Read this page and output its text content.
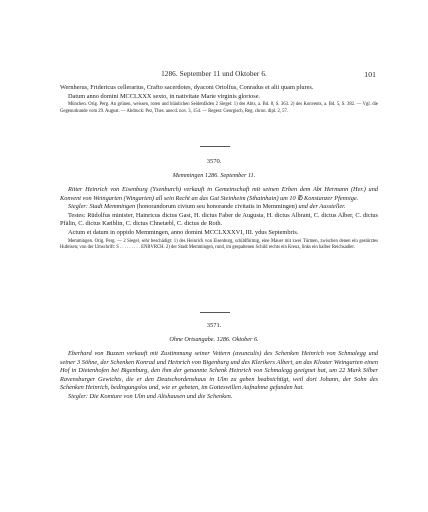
1286. September 11 und Oktober 6.	101

Wernherus, Fridericus cellerarius, Crafto sacerdotes, dyaconi Ortolfus, Conradus et alii quam plures.

Datum anno domini MCCLXXX sexto, in nativitate Marie virginis gloriose.

München. Orig. Perg. An grünen, weissen, roten und bläulichen Seidenfäden 2 Siegel: 1) des Abts, a. Bd. 8, S. 363. 2) des Konvents, a. Bd. 5, S. 382. — Vgl. die Gegenurkunde vom 29. August. — Abdruck: Pez, Thes. anecd. nov. 3, 154. — Regest: Georgisch, Reg. chron. dipl. 2, 57.

3570.
Memmingen 1286. September 11.

Ritter Heinrich von Eisenburg (Ysenburch) verkauft in Gemeinschaft mit seinen Erben dem Abt Hermann (Her.) und Konvent von Weingarten (Wingarten) all sein Recht an das Gut Steinheim (Sthainhain) um 10 ℔ Konstanzer Pfennige.

Siegler: Stadt Memmingen (honorandorum civium seu honorande civitatis in Memmingen) und der Aussteller.

Testes: Rüdolfus minister, Hainricus dictus Gast, H. dictus Faber de Augusta, H. dictus Albrant, C. dictus Alber, C. dictus Pfälin, C. dictus Kæiblin, C. dictus Chnetæbl, C. dictus de Roth.

Actum et datum in oppido Memmingen, anno domini MCCLXXXVI, III. ydus Septembris.

Memmingen. Orig. Perg. — 2 Siegel, sehr beschädigt: 1) des Heinrich von Eisenburg, schildförmig, eine Mauer mit zwei Türmen, zwischen denen ein gestürztes Hufeisen; von der Umschrift: S . . . . . . . . . ENBVRCH. 2) der Stadt Memmingen, rund, im gespaltenen Schild rechts ein Kreuz, links ein halber Reichsadler.

3571.
Ohne Ortsangabe. 1286. Oktober 6.

Eberhard von Buzzen verkauft mit Zustimmung seiner Vettern (avunculis) des Schenken Heinrich von Schmalegg und seiner 3 Söhne, der Schenken Konrad und Heinrich von Bigenburg und des Klerikers Albert, an das Kloster Weingarten einen Hof in Dietenhofen bei Bigenburg, den ihm der genannte Schenk Heinrich von Schmalegg geeignet hat, um 22 Mark Silber Ravensburger Gewichts, die er den Deutschordenshaus in Ulm zu geben beabsichtigt, weil dort Johann, der Sohn des Schenken Heinrich, bedingungslos und, wie er gebeten, im Gotteswillen Aufnahme gefunden hat.

Siegler: Die Komture von Ulm und Altshausen und die Schenken.
